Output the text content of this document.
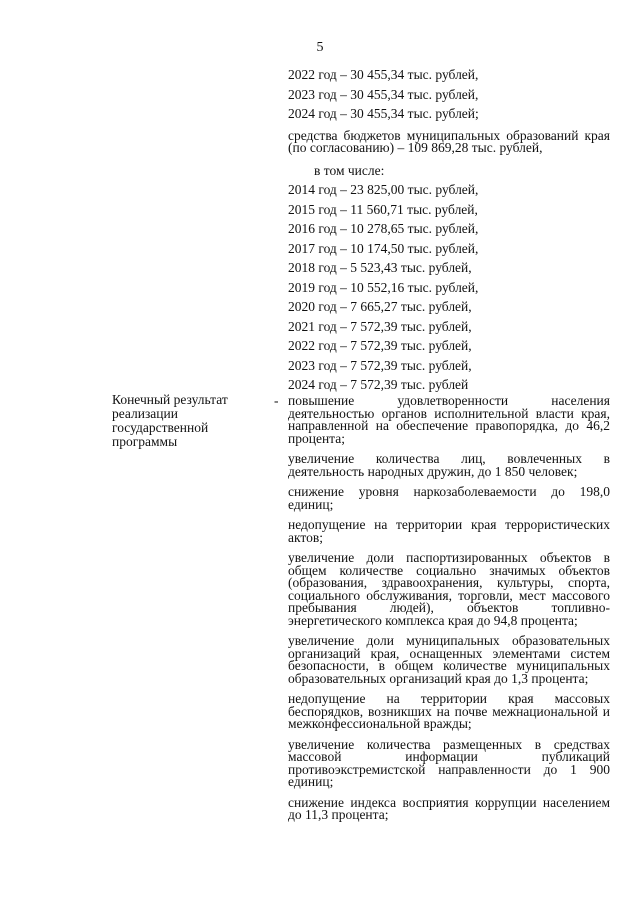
5
2022 год – 30 455,34 тыс. рублей,
2023 год – 30 455,34 тыс. рублей,
2024 год – 30 455,34 тыс. рублей;
средства бюджетов муниципальных образований края (по согласованию) – 109 869,28 тыс. рублей,
в том числе:
2014 год – 23 825,00 тыс. рублей,
2015 год – 11 560,71 тыс. рублей,
2016 год – 10 278,65 тыс. рублей,
2017 год – 10 174,50 тыс. рублей,
2018 год – 5 523,43 тыс. рублей,
2019 год – 10 552,16 тыс. рублей,
2020 год – 7 665,27 тыс. рублей,
2021 год – 7 572,39 тыс. рублей,
2022 год – 7 572,39 тыс. рублей,
2023 год – 7 572,39 тыс. рублей,
2024 год – 7 572,39 тыс. рублей
Конечный результат реализации государственной программы
- повышение удовлетворенности населения деятельностью органов исполнительной власти края, направленной на обеспечение правопорядка, до 46,2 процента;
увеличение количества лиц, вовлеченных в деятельность народных дружин, до 1 850 человек;
снижение уровня наркозаболеваемости до 198,0 единиц;
недопущение на территории края террористических актов;
увеличение доли паспортизированных объектов в общем количестве социально значимых объектов (образования, здравоохранения, культуры, спорта, социального обслуживания, торговли, мест массового пребывания людей), объектов топливно-энергетического комплекса края до 94,8 процента;
увеличение доли муниципальных образовательных организаций края, оснащенных элементами систем безопасности, в общем количестве муниципальных образовательных организаций края до 1,3 процента;
недопущение на территории края массовых беспорядков, возникших на почве межнациональной и межконфессиональной вражды;
увеличение количества размещенных в средствах массовой информации публикаций противоэкстремистской направленности до 1 900 единиц;
снижение индекса восприятия коррупции населением до 11,3 процента;
